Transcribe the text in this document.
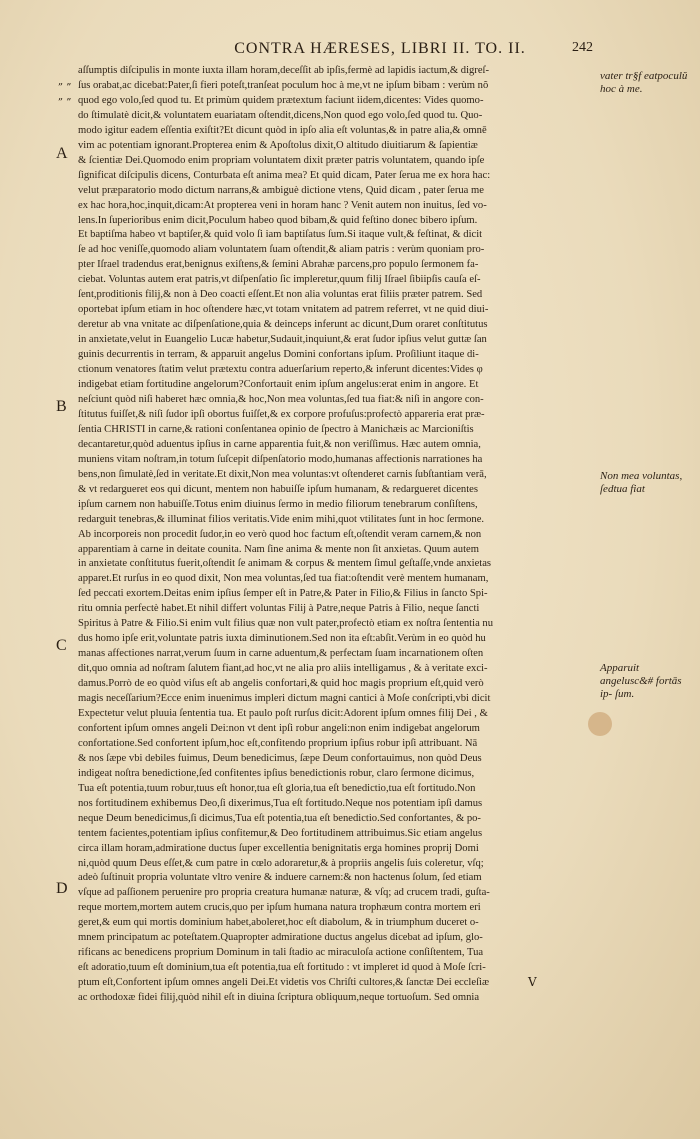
CONTRA HÆRESES, LIBRI II. TO. II.	242
„ „
„ „
A
B
C
D
vater tr§f eatpoculŭ hoc à me.
Non mea voluntas, ſedtua fiat
Apparuit angelusc&# fortās ip- ſum.
aſſumptis diſcipulis in monte iuxta illam horam,deceſſit ab ipſis,fermè ad lapidis iactum,& digreſ-
ſus orabat,ac dicebat:Pater,ſi fieri poteſt,tranſeat poculum hoc à me,vt ne ipſum bibam : verùm nõ
quod ego volo,ſed quod tu. Et primùm quidem prætextum faciunt iidem,dicentes: Vides quomo-
do ſtimulatè dicit,& voluntatem euariatam oſtendit,dicens,Non quod ego volo,ſed quod tu. Quo-
modo igitur eadem eſſentia exiſtit?Et dicunt quòd in ipſo alia eſt voluntas,& in patre alia,& omnē
vim ac potentiam ignorant.Propterea enim & Apoſtolus dixit,O altitudo diuitiarum & ſapientiæ
& ſcientiæ Dei.Quomodo enim propriam voluntatem dixit præter patris voluntatem, quando ipſe
ſignificat diſcipulis dicens, Conturbata eſt anima mea? Et quid dicam, Pater ſerua me ex hora hac:
velut præparatorio modo dictum narrans,& ambiguè dictione vtens, Quid dicam , pater ſerua me
ex hac hora,hoc,inquit,dicam:At propterea veni in horam hanc ? Venit autem non inuitus, ſed vo-
lens.In ſuperioribus enim dicit,Poculum habeo quod bibam,& quid feſtino donec bibero ipſum.
Et baptiſma habeo vt baptiſer,& quid volo ſi iam baptiſatus ſum.Si itaque vult,& feſtinat, & dicit
ſe ad hoc veniſſe,quomodo aliam voluntatem ſuam oſtendit,& aliam patris : verùm quoniam pro-
pter Iſrael tradendus erat,benignus exiſtens,& ſemini Abrahæ parcens,pro populo ſermonem fa-
ciebat. Voluntas autem erat patris,vt diſpenſatio ſic impleretur,quum filij Iſrael ſibiipſis cauſa eſ-
ſent,proditionis filij,& non à Deo coacti eſſent.Et non alia voluntas erat filiis præter patrem. Sed
oportebat ipſum etiam in hoc oſtendere hæc,vt totam vnitatem ad patrem referret, vt ne quid diui-
deretur ab vna vnitate ac diſpenſatione,quia & deinceps inferunt ac dicunt,Dum oraret conſtitutus
in anxietate,velut in Euangelio Lucæ habetur,Sudauit,inquiunt,& erat ſudor ipſius velut guttæ ſan
guinis decurrentis in terram, & apparuit angelus Domini confortans ipſum. Proſiliunt itaque di-
ctionum venatores ſtatim velut prætextu contra aduerſarium reperto,& inferunt dicentes:Vides φ
indigebat etiam fortitudine angelorum?Confortauit enim ipſum angelus:erat enim in angore. Et
neſciunt quòd niſi haberet hæc omnia,& hoc,Non mea voluntas,ſed tua fiat:& niſi in angore con-
ſtitutus fuiſſet,& niſi ſudor ipſi obortus fuiſſet,& ex corpore profuſus:profectò appareria erat præ-
ſentia CHRISTI in carne,& rationi conſentanea opinio de ſpectro à Manichæis ac Marcioniſtis
decantaretur,quòd aduentus ipſius in carne apparentia fuit,& non veriſſimus. Hæc autem omnia,
muniens vitam noſtram,in totum ſuſcepit diſpenſatorio modo,humanas affectionis narrationes ha
bens,non ſimulatè,ſed in veritate.Et dixit,Non mea voluntas:vt oſtenderet carnis ſubſtantiam verā,
& vt redargueret eos qui dicunt, mentem non habuiſſe ipſum humanam, & redargueret dicentes
ipſum carnem non habuiſſe.Totus enim diuinus ſermo in medio filiorum tenebrarum conſiſtens,
redarguit tenebras,& illuminat filios veritatis.Vide enim mihi,quot vtilitates ſunt in hoc ſermone.
Ab incorporeis non procedit ſudor,in eo verò quod hoc factum eſt,oſtendit veram carnem,& non
apparentiam à carne in deitate counita. Nam ſine anima & mente non ſit anxietas. Quum autem
in anxietate conſtitutus fuerit,oſtendit ſe animam & corpus & mentem ſimul geſtaſſe,vnde anxietas
apparet.Et rurſus in eo quod dixit, Non mea voluntas,ſed tua fiat:oſtendit verè mentem humanam,
ſed peccati exortem.Deitas enim ipſius ſemper eſt in Patre,& Pater in Filio,& Filius in ſancto Spi-
ritu omnia perfectè habet.Et nihil differt voluntas Filij à Patre,neque Patris à Filio, neque ſancti
Spiritus à Patre & Filio.Si enim vult filius quæ non vult pater,profectò etiam ex noſtra ſententia nu
dus homo ipſe erit,voluntate patris iuxta diminutionem.Sed non ita eſt:abſit.Verùm in eo quòd hu
manas affectiones narrat,verum ſuum in carne aduentum,& perfectam ſuam incarnationem oſten
dit,quo omnia ad noſtram ſalutem fiant,ad hoc,vt ne alia pro aliis intelligamus , & à veritate exci-
damus.Porrò de eo quòd viſus eſt ab angelis confortari,& quid hoc magis proprium eſt,quid verò
magis neceſſarium?Ecce enim inuenimus impleri dictum magni cantici à Moſe conſcripti,vbi dicit
Expectetur velut pluuia ſententia tua. Et paulo poſt rurſus dicit:Adorent ipſum omnes filij Dei , &
confortent ipſum omnes angeli Dei:non vt dent ipſi robur angeli:non enim indigebat angelorum
confortatione.Sed confortent ipſum,hoc eſt,confitendo proprium ipſius robur ipſi attribuant. Nā
& nos ſæpe vbi debiles fuimus, Deum benedicimus, ſæpe Deum confortauimus, non quòd Deus
indigeat noſtra benedictione,ſed confitentes ipſius benedictionis robur, claro ſermone dicimus,
Tua eſt potentia,tuum robur,tuus eſt honor,tua eſt gloria,tua eſt benedictio,tua eſt fortitudo.Non
nos fortitudinem exhibemus Deo,ſi dixerimus,Tua eſt fortitudo.Neque nos potentiam ipſi damus
neque Deum benedicimus,ſi dicimus,Tua eſt potentia,tua eſt benedictio.Sed confortantes, & po-
tentem facientes,potentiam ipſius confitemur,& Deo fortitudinem attribuimus.Sic etiam angelus
circa illam horam,admiratione ductus ſuper excellentia benignitatis erga homines proprij Domi
ni,quòd quum Deus eſſet,& cum patre in cœlo adoraretur,& à propriis angelis ſuis coleretur, vſq;
adeò ſuſtinuit propria voluntate vltro venire & induere carnem:& non hactenus ſolum, ſed etiam
vſque ad paſſionem peruenire pro propria creatura humanæ naturæ, & vſq; ad crucem tradi, guſta-
reque mortem,mortem autem crucis,quo per ipſum humana natura trophæum contra mortem eri
geret,& eum qui mortis dominium habet,aboleret,hoc eſt diabolum, & in triumphum duceret o-
mnem principatum ac poteſtatem.Quapropter admiratione ductus angelus dicebat ad ipſum, glo-
rificans ac benedicens proprium Dominum in tali ſtadio ac miraculoſa actione conſiſtentem, Tua
eſt adoratio,tuum eſt dominium,tua eſt potentia,tua eſt fortitudo : vt impleret id quod à Moſe ſcri-
ptum eſt,Confortent ipſum omnes angeli Dei.Et videtis vos Chriſti cultores,& ſanctæ Dei eccleſiæ
ac orthodoxæ fidei filij,quòd nihil eſt in diuina ſcriptura obliquum,neque tortuoſum. Sed omnia
V
